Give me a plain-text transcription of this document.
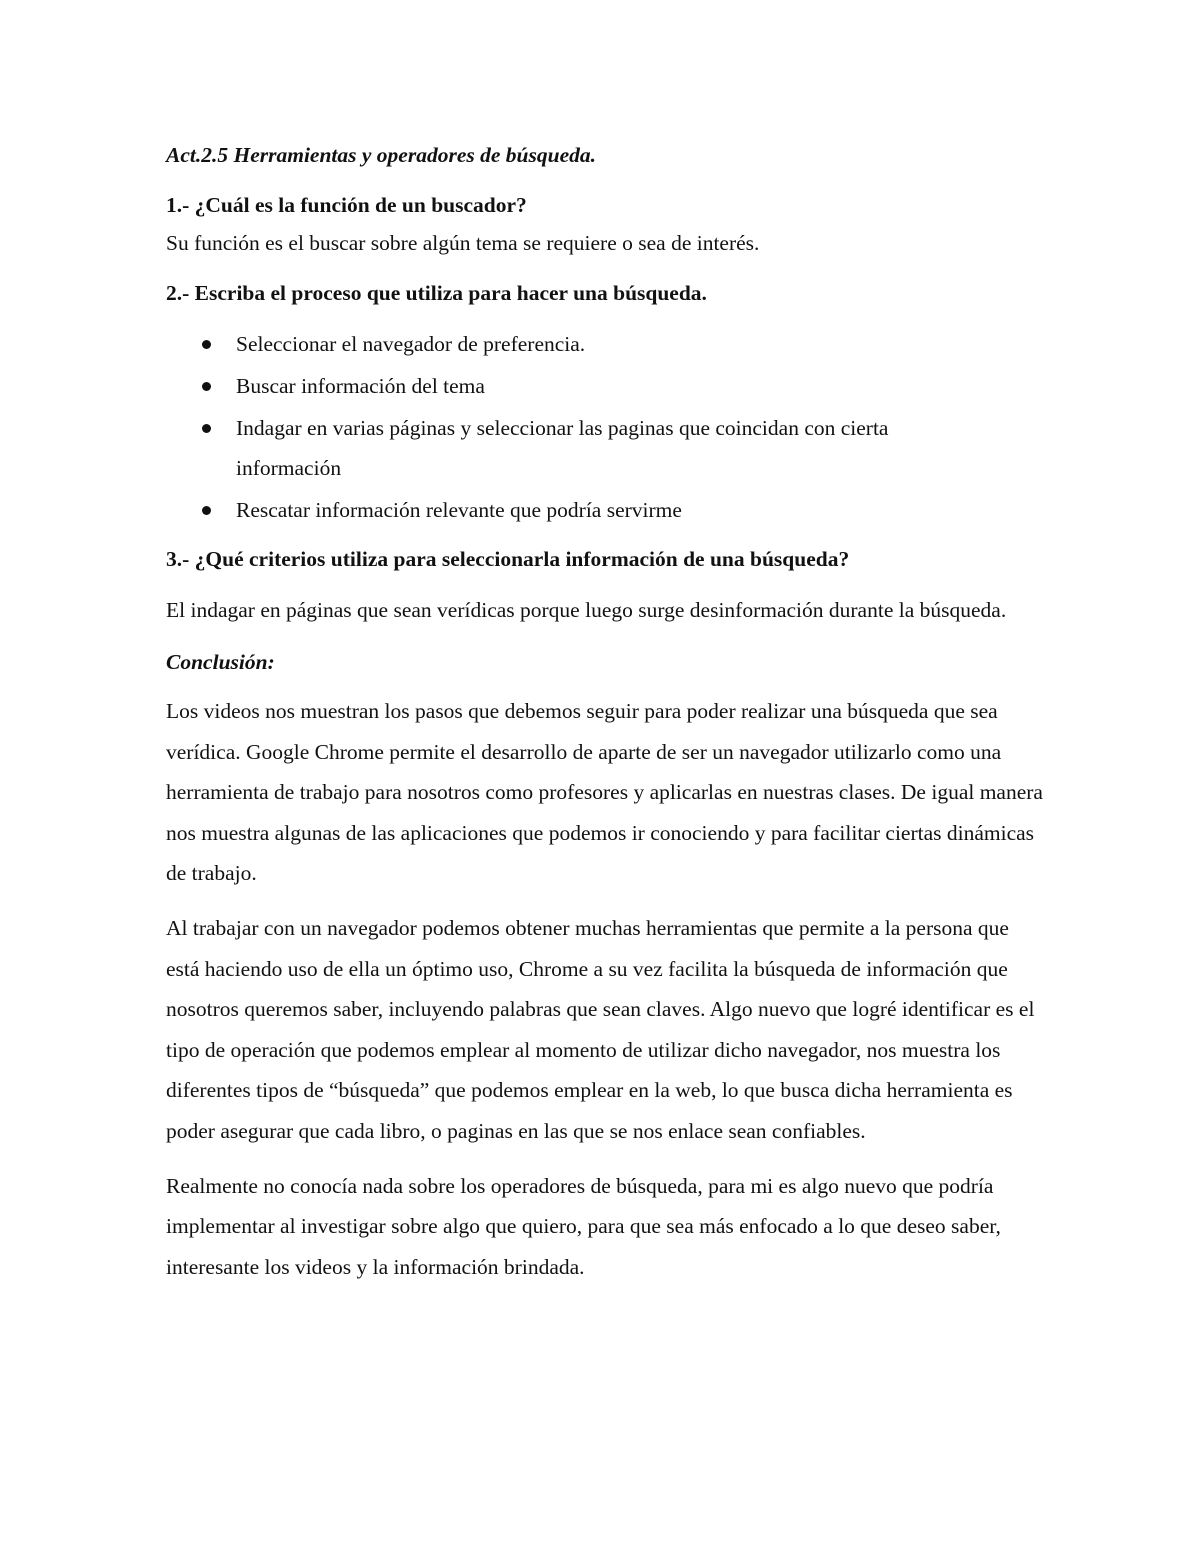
Act.2.5 Herramientas y operadores de búsqueda.

1.- ¿Cuál es la función de un buscador?

Su función es el buscar sobre algún tema se requiere o sea de interés.

2.- Escriba el proceso que utiliza para hacer una búsqueda.

Seleccionar el navegador de preferencia.
Buscar información del tema
Indagar en varias páginas y seleccionar las paginas que coincidan con cierta información
Rescatar información relevante que podría servirme

3.- ¿Qué criterios utiliza para seleccionarla información de una búsqueda?

El indagar en páginas que sean verídicas porque luego surge desinformación durante la búsqueda.

Conclusión:

Los videos nos muestran los pasos que debemos seguir para poder realizar una búsqueda que sea verídica. Google Chrome permite el desarrollo de aparte de ser un navegador utilizarlo como una herramienta de trabajo para nosotros como profesores y aplicarlas en nuestras clases. De igual manera nos muestra algunas de las aplicaciones que podemos ir conociendo y para facilitar ciertas dinámicas de trabajo.

Al trabajar con un navegador podemos obtener muchas herramientas que permite a la persona que está haciendo uso de ella un óptimo uso, Chrome a su vez facilita la búsqueda de información que nosotros queremos saber, incluyendo palabras que sean claves. Algo nuevo que logré identificar es el tipo de operación que podemos emplear al momento de utilizar dicho navegador, nos muestra los diferentes tipos de “búsqueda” que podemos emplear en la web, lo que busca dicha herramienta es poder asegurar que cada libro, o paginas en las que se nos enlace sean confiables.

Realmente no conocía nada sobre los operadores de búsqueda, para mi es algo nuevo que podría implementar al investigar sobre algo que quiero, para que sea más enfocado a lo que deseo saber, interesante los videos y la información brindada.
